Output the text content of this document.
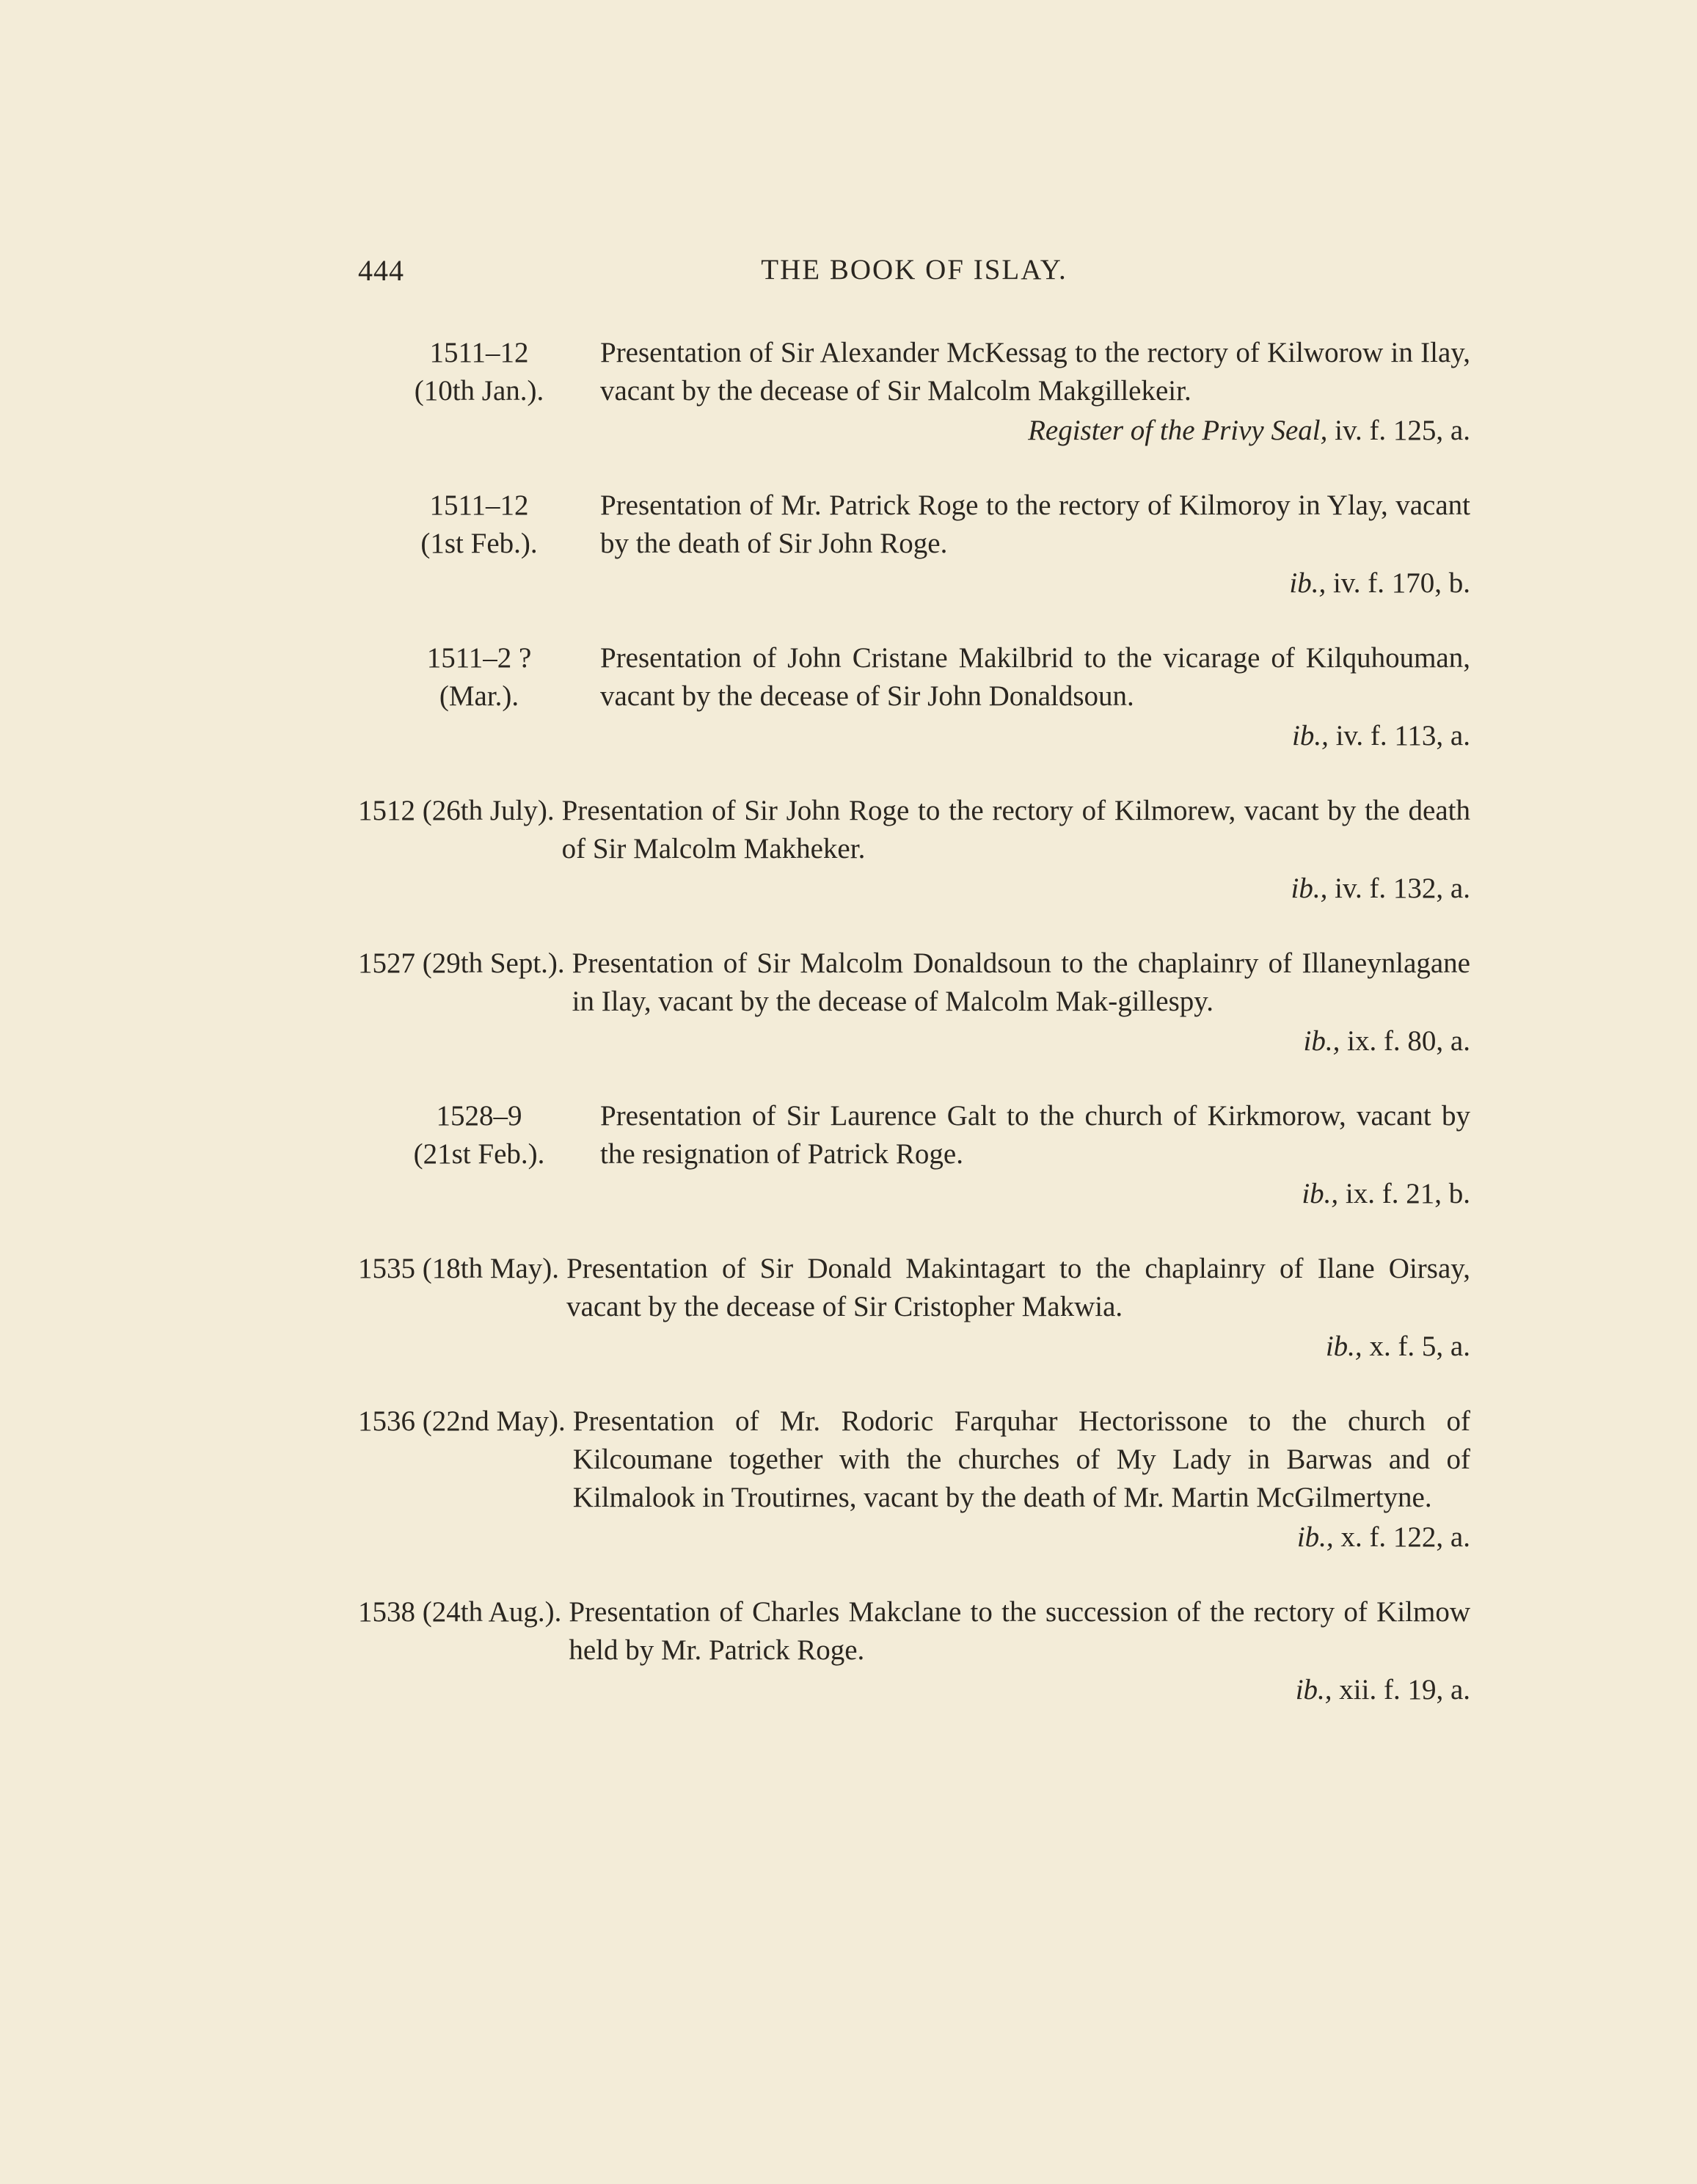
444	THE BOOK OF ISLAY.
1511–12
(10th Jan.).
Presentation of Sir Alexander McKessag to the rectory of Kilworow in Ilay, vacant by the decease of Sir Malcolm Makgillekeir.
Register of the Privy Seal, iv. f. 125, a.
1511–12
(1st Feb.).
Presentation of Mr. Patrick Roge to the rectory of Kilmoroy in Ylay, vacant by the death of Sir John Roge.
ib., iv. f. 170, b.
1511–2 ?
(Mar.).
Presentation of John Cristane Makilbrid to the vicarage of Kilquhouman, vacant by the decease of Sir John Donaldsoun.
ib., iv. f. 113, a.
1512 (26th July). Presentation of Sir John Roge to the rectory of Kilmorew, vacant by the death of Sir Malcolm Makheker.
ib., iv. f. 132, a.
1527 (29th Sept.). Presentation of Sir Malcolm Donaldsoun to the chaplainry of Illaneynlagane in Ilay, vacant by the decease of Malcolm Mak-gillespy.
ib., ix. f. 80, a.
1528–9
(21st Feb.).
Presentation of Sir Laurence Galt to the church of Kirkmorow, vacant by the resignation of Patrick Roge.
ib., ix. f. 21, b.
1535 (18th May). Presentation of Sir Donald Makintagart to the chaplainry of Ilane Oirsay, vacant by the decease of Sir Cristopher Makwia.
ib., x. f. 5, a.
1536 (22nd May). Presentation of Mr. Rodoric Farquhar Hectorissone to the church of Kilcoumane together with the churches of My Lady in Barwas and of Kilmalook in Troutirnes, vacant by the death of Mr. Martin McGilmertyne.
ib., x. f. 122, a.
1538 (24th Aug.). Presentation of Charles Makclane to the succession of the rectory of Kilmow held by Mr. Patrick Roge.
ib., xii. f. 19, a.
